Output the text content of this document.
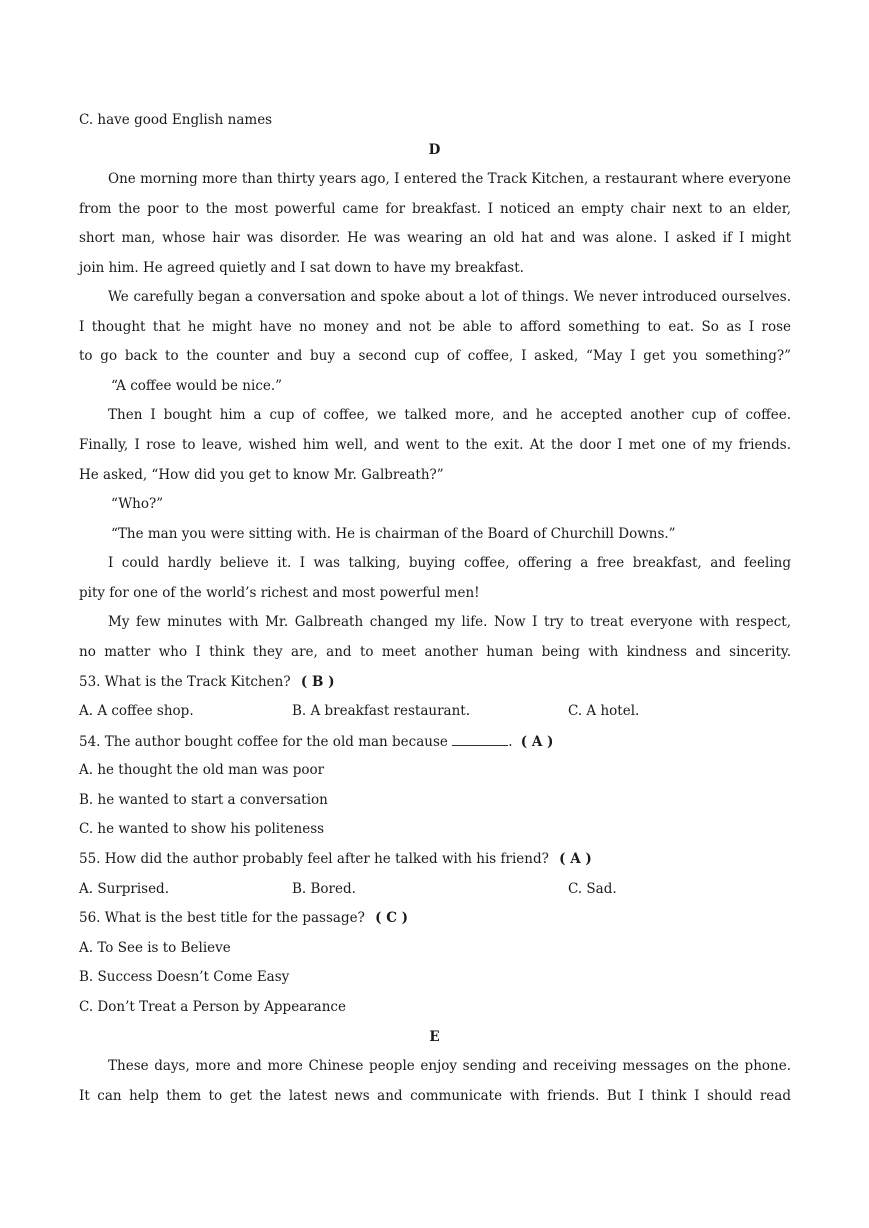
C. have good English names
D
One morning more than thirty years ago, I entered the Track Kitchen, a restaurant where everyone
from the poor to the most powerful came for breakfast. I noticed an empty chair next to an elder,
short man, whose hair was disorder. He was wearing an old hat and was alone. I asked if I might
join him. He agreed quietly and I sat down to have my breakfast.
We carefully began a conversation and spoke about a lot of things. We never introduced ourselves.
I thought that he might have no money and not be able to afford something to eat. So as I rose
to go back to the counter and buy a second cup of coffee, I asked, “May I get you something?”
“A coffee would be nice.”
Then I bought him a cup of coffee, we talked more, and he accepted another cup of coffee.
Finally, I rose to leave, wished him well, and went to the exit. At the door I met one of my friends.
He asked, “How did you get to know Mr. Galbreath?”
“Who?”
“The man you were sitting with. He is chairman of the Board of Churchill Downs.”
I could hardly believe it. I was talking, buying coffee, offering a free breakfast, and feeling
pity for one of the world’s richest and most powerful men!
My few minutes with Mr. Galbreath changed my life. Now I try to treat everyone with respect,
no matter who I think they are, and to meet another human being with kindness and sincerity.
53. What is the Track Kitchen? ( B )
A. A coffee shop.	B. A breakfast restaurant.	C. A hotel.
54. The author bought coffee for the old man because	. ( A )
A. he thought the old man was poor
B. he wanted to start a conversation
C. he wanted to show his politeness
55. How did the author probably feel after he talked with his friend? ( A )
A. Surprised.	B. Bored.	C. Sad.
56. What is the best title for the passage? ( C )
A. To See is to Believe
B. Success Doesn’t Come Easy
C. Don’t Treat a Person by Appearance
E
These days, more and more Chinese people enjoy sending and receiving messages on the phone.
It can help them to get the latest news and communicate with friends. But I think I should read
